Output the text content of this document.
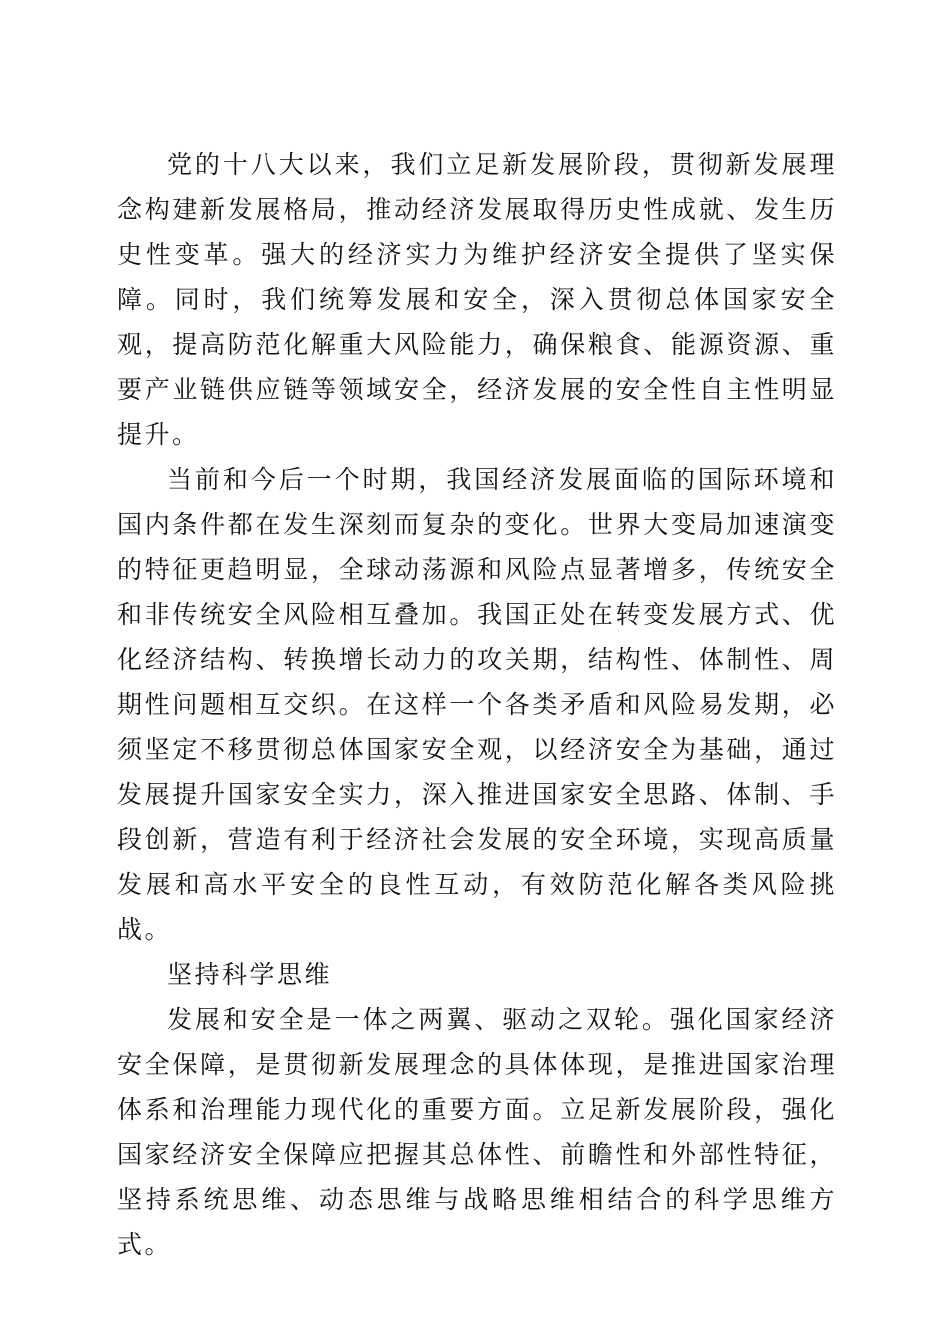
党的十八大以来，我们立足新发展阶段，贯彻新发展理念构建新发展格局，推动经济发展取得历史性成就、发生历史性变革。强大的经济实力为维护经济安全提供了坚实保障。同时，我们统筹发展和安全，深入贯彻总体国家安全观，提高防范化解重大风险能力，确保粮食、能源资源、重要产业链供应链等领域安全，经济发展的安全性自主性明显提升。

当前和今后一个时期，我国经济发展面临的国际环境和国内条件都在发生深刻而复杂的变化。世界大变局加速演变的特征更趋明显，全球动荡源和风险点显著增多，传统安全和非传统安全风险相互叠加。我国正处在转变发展方式、优化经济结构、转换增长动力的攻关期，结构性、体制性、周期性问题相互交织。在这样一个各类矛盾和风险易发期，必须坚定不移贯彻总体国家安全观，以经济安全为基础，通过发展提升国家安全实力，深入推进国家安全思路、体制、手段创新，营造有利于经济社会发展的安全环境，实现高质量发展和高水平安全的良性互动，有效防范化解各类风险挑战。

坚持科学思维

发展和安全是一体之两翼、驱动之双轮。强化国家经济安全保障，是贯彻新发展理念的具体体现，是推进国家治理体系和治理能力现代化的重要方面。立足新发展阶段，强化国家经济安全保障应把握其总体性、前瞻性和外部性特征，坚持系统思维、动态思维与战略思维相结合的科学思维方式。
